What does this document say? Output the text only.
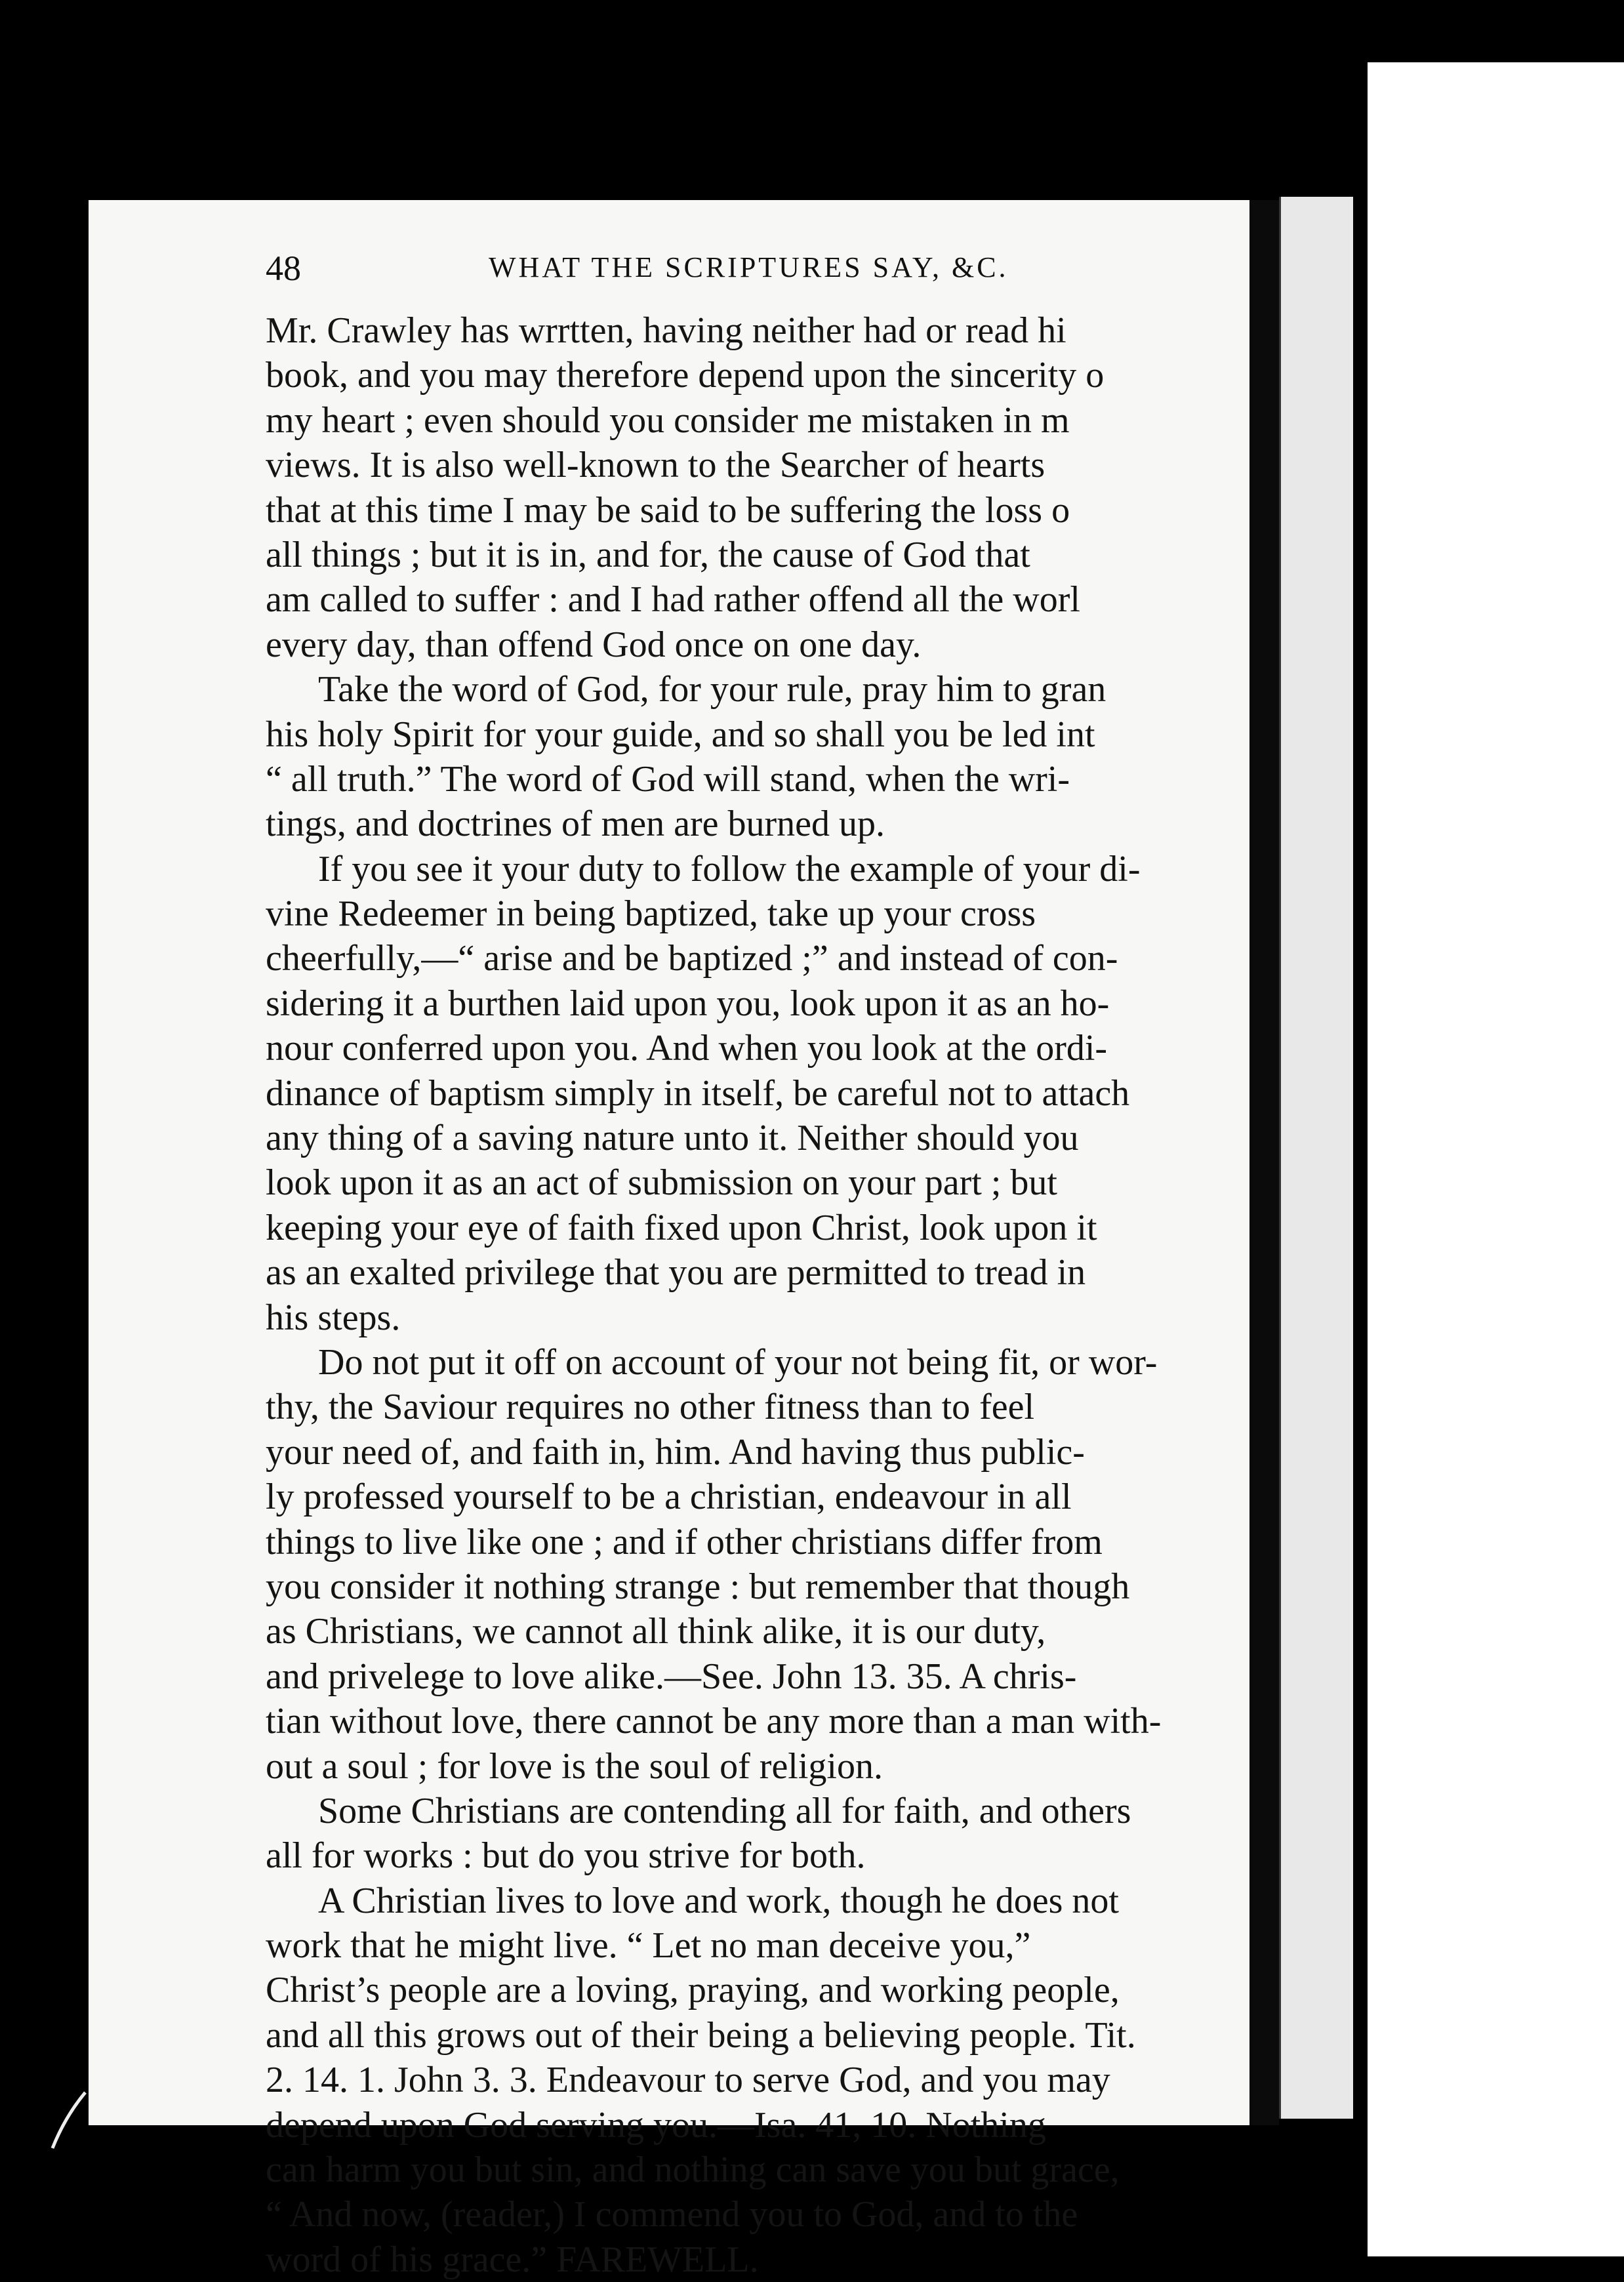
48	WHAT THE SCRIPTURES SAY, &C.
Mr. Crawley has wrrtten, having neither had or read hi
book, and you may therefore depend upon the sincerity o
my heart ; even should you consider me mistaken in m
views. It is also well-known to the Searcher of hearts
that at this time I may be said to be suffering the loss o
all things ; but it is in, and for, the cause of God that
am called to suffer : and I had rather offend all the worl
every day, than offend God once on one day.
Take the word of God, for your rule, pray him to gran
his holy Spirit for your guide, and so shall you be led int
“ all truth.” The word of God will stand, when the wri-
tings, and doctrines of men are burned up.
If you see it your duty to follow the example of your di-
vine Redeemer in being baptized, take up your cross
cheerfully,—“ arise and be baptized ;” and instead of con-
sidering it a burthen laid upon you, look upon it as an ho-
nour conferred upon you. And when you look at the ordi-
dinance of baptism simply in itself, be careful not to attach
any thing of a saving nature unto it. Neither should you
look upon it as an act of submission on your part ; but
keeping your eye of faith fixed upon Christ, look upon it
as an exalted privilege that you are permitted to tread in
his steps.
Do not put it off on account of your not being fit, or wor-
thy, the Saviour requires no other fitness than to feel
your need of, and faith in, him. And having thus public-
ly professed yourself to be a christian, endeavour in all
things to live like one ; and if other christians differ from
you consider it nothing strange : but remember that though
as Christians, we cannot all think alike, it is our duty,
and privelege to love alike.—See. John 13. 35. A chris-
tian without love, there cannot be any more than a man with-
out a soul ; for love is the soul of religion.
Some Christians are contending all for faith, and others
all for works : but do you strive for both.
A Christian lives to love and work, though he does not
work that he might live. “ Let no man deceive you,”
Christ’s people are a loving, praying, and working people,
and all this grows out of their being a believing people. Tit.
2. 14. 1. John 3. 3. Endeavour to serve God, and you may
depend upon God serving you.—Isa. 41, 10. Nothing
can harm you but sin, and nothing can save you but grace,
“ And now, (reader,) I commend you to God, and to the
word of his grace.” FAREWELL.
